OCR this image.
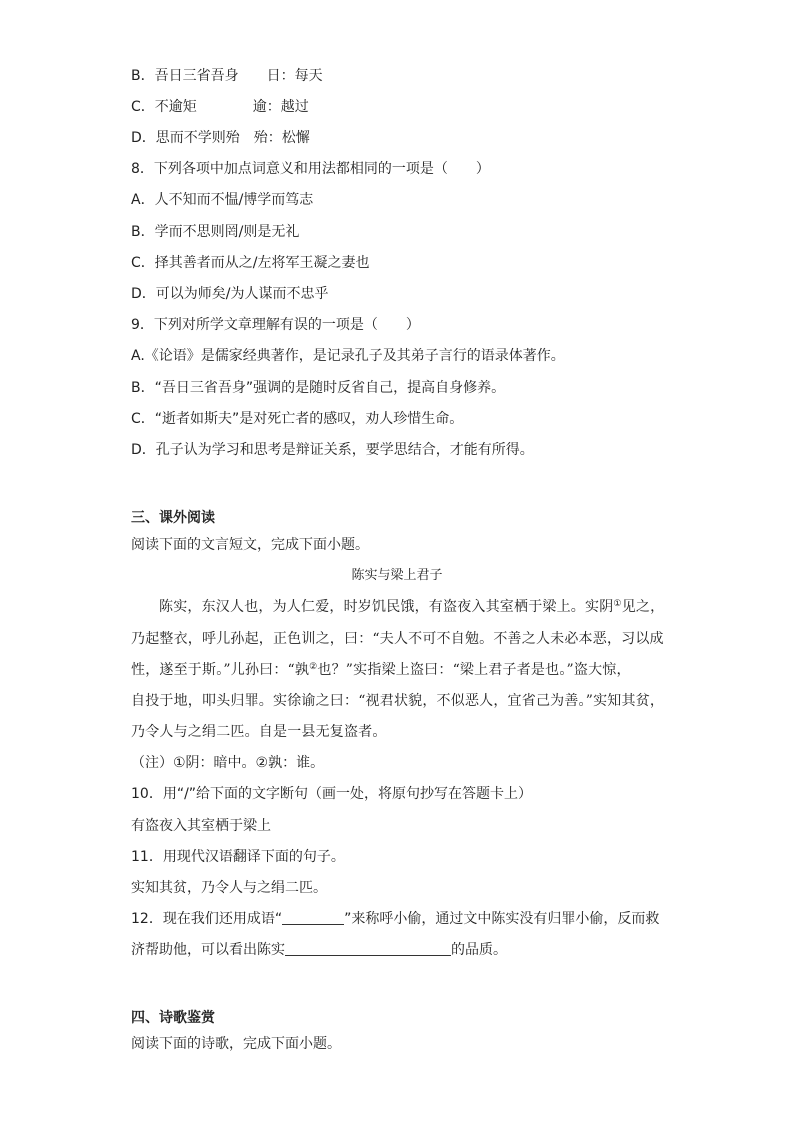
B．吾日三省吾身 日：每天
C．不逾矩	逾：越过
D．思而不学则殆 殆：松懈
8．下列各项中加点词意义和用法都相同的一项是（　　）
A．人不知而不愠/博学而笃志
B．学而不思则罔/则是无礼
C．择其善者而从之/左将军王凝之妻也
D．可以为师矣/为人谋而不忠乎
9．下列对所学文章理解有误的一项是（　　）
A.《论语》是儒家经典著作，是记录孔子及其弟子言行的语录体著作。
B．“吾日三省吾身”强调的是随时反省自己，提高自身修养。
C．“逝者如斯夫”是对死亡者的感叹，劝人珍惜生命。
D．孔子认为学习和思考是辩证关系，要学思结合，才能有所得。
三、课外阅读
阅读下面的文言短文，完成下面小题。
陈实与梁上君子
陈实，东汉人也，为人仁爱，时岁饥民饿，有盗夜入其室栖于梁上。实阴①见之，
乃起整衣，呼儿孙起，正色训之，曰：“夫人不可不自勉。不善之人未必本恶，习以成
性，遂至于斯。”儿孙曰：“孰②也？”实指梁上盗曰：“梁上君子者是也。”盗大惊，
自投于地，叩头归罪。实徐谕之曰：“视君状貌，不似恶人，宜省己为善。”实知其贫，
乃令人与之绢二匹。自是一县无复盗者。
（注）①阴：暗中。②孰：谁。
10．用“/”给下面的文字断句（画一处，将原句抄写在答题卡上）
有盗夜入其室栖于梁上
11．用现代汉语翻译下面的句子。
实知其贫，乃令人与之绢二匹。
12．现在我们还用成语“	”来称呼小偷，通过文中陈实没有归罪小偷，反而救
济帮助他，可以看出陈实	的品质。
四、诗歌鉴赏
阅读下面的诗歌，完成下面小题。
